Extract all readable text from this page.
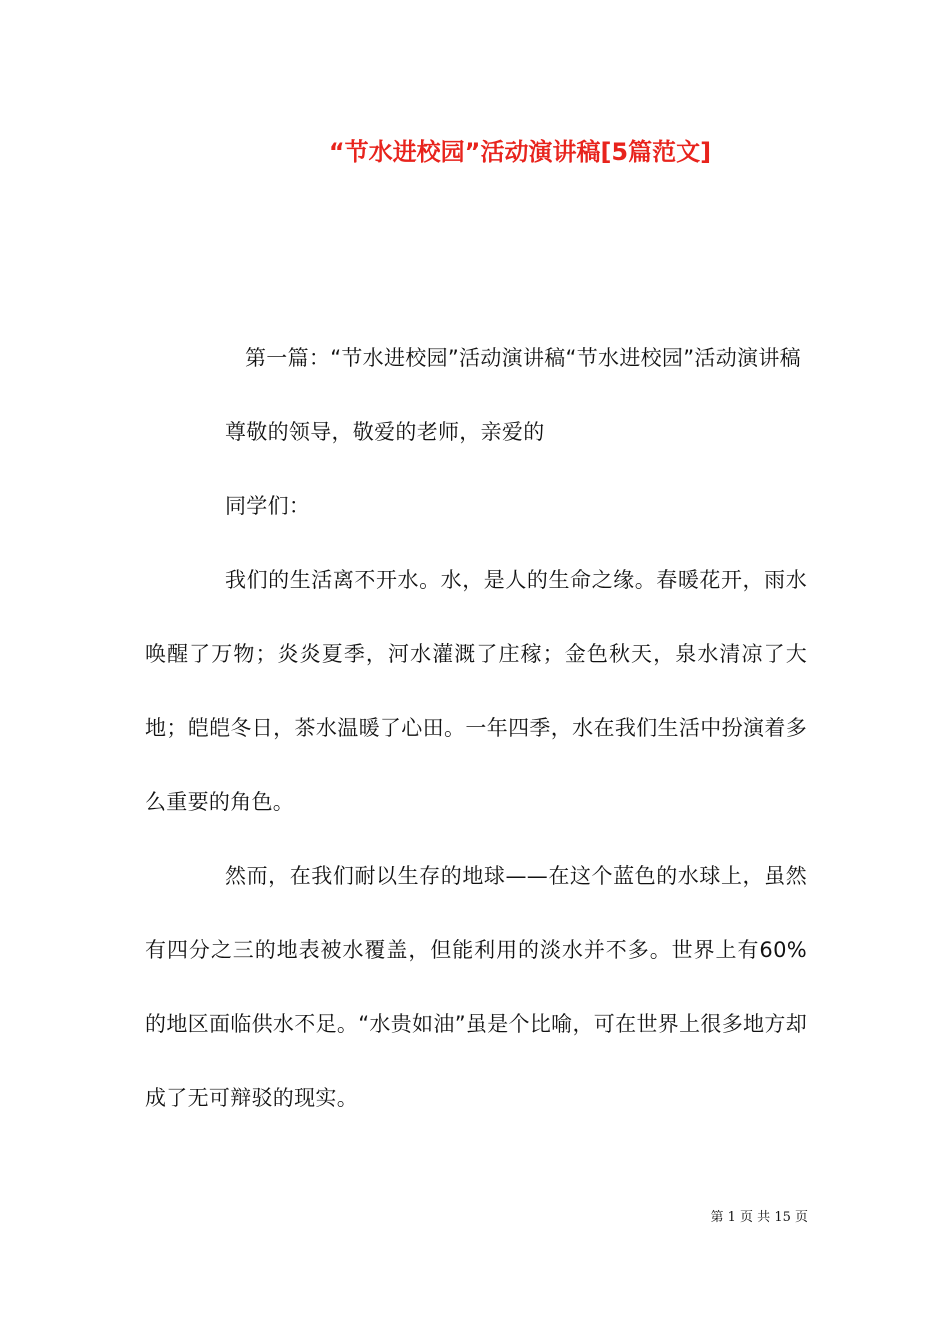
“节水进校园”活动演讲稿[5篇范文]

第一篇：“节水进校园”活动演讲稿“节水进校园”活动演讲稿

尊敬的领导，敬爱的老师，亲爱的

同学们：

我们的生活离不开水。水，是人的生命之缘。春暖花开，雨水唤醒了万物；炎炎夏季，河水灌溉了庄稼；金色秋天，泉水清凉了大地；皑皑冬日，茶水温暖了心田。一年四季，水在我们生活中扮演着多么重要的角色。

然而，在我们耐以生存的地球——在这个蓝色的水球上，虽然有四分之三的地表被水覆盖，但能利用的淡水并不多。世界上有60%的地区面临供水不足。“水贵如油”虽是个比喻，可在世界上很多地方却成了无可辩驳的现实。

第 1 页 共 15 页
